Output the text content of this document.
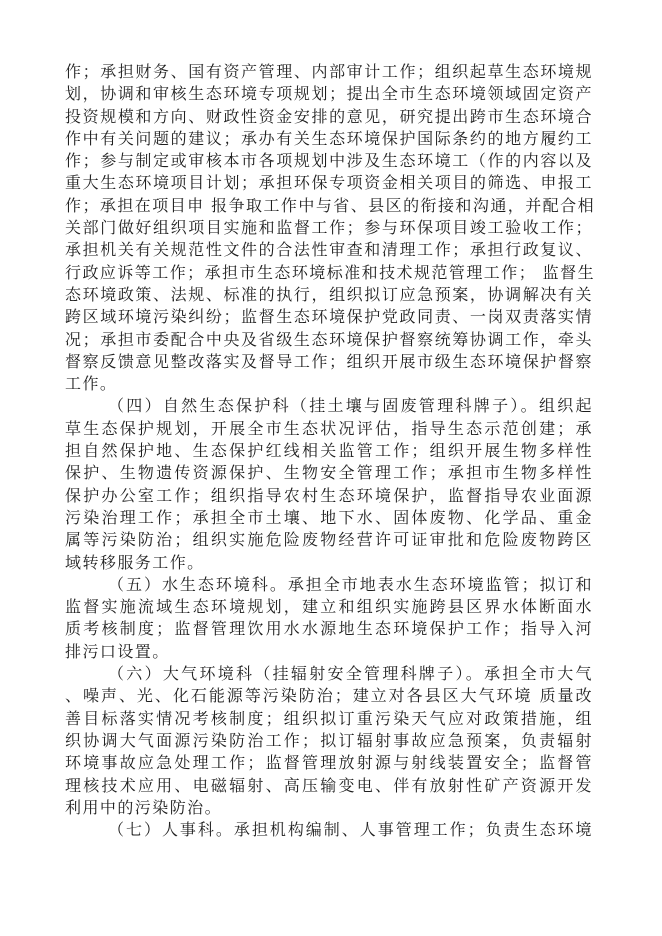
作；承担财务、国有资产管理、内部审计工作；组织起草生态环境规
划，协调和审核生态环境专项规划；提出全市生态环境领域固定资产
投资规模和方向、财政性资金安排的意见，研究提出跨市生态环境合
作中有关问题的建议；承办有关生态环境保护国际条约的地方履约工
作；参与制定或审核本市各项规划中涉及生态环境工（作的内容以及
重大生态环境项目计划；承担环保专项资金相关项目的筛选、申报工
作；承担在项目申 报争取工作中与省、县区的衔接和沟通，并配合相
关部门做好组织项目实施和监督工作；参与环保项目竣工验收工作；
承担机关有关规范性文件的合法性审查和清理工作；承担行政复议、
行政应诉等工作；承担市生态环境标准和技术规范管理工作； 监督生
态环境政策、法规、标准的执行，组织拟订应急预案，协调解决有关
跨区域环境污染纠纷；监督生态环境保护党政同责、一岗双责落实情
况；承担市委配合中央及省级生态环境保护督察统筹协调工作，牵头
督察反馈意见整改落实及督导工作；组织开展市级生态环境保护督察
工作。
（四）自然生态保护科（挂土壤与固废管理科牌子）。组织起
草生态保护规划，开展全市生态状况评估，指导生态示范创建；承
担自然保护地、生态保护红线相关监管工作；组织开展生物多样性
保护、生物遗传资源保护、生物安全管理工作；承担市生物多样性
保护办公室工作；组织指导农村生态环境保护，监督指导农业面源
污染治理工作；承担全市土壤、地下水、固体废物、化学品、重金
属等污染防治；组织实施危险废物经营许可证审批和危险废物跨区
域转移服务工作。
（五）水生态环境科。承担全市地表水生态环境监管；拟订和
监督实施流域生态环境规划，建立和组织实施跨县区界水体断面水
质考核制度；监督管理饮用水水源地生态环境保护工作；指导入河
排污口设置。
（六）大气环境科（挂辐射安全管理科牌子）。承担全市大气
、噪声、光、化石能源等污染防治；建立对各县区大气环境 质量改
善目标落实情况考核制度；组织拟订重污染天气应对政策措施，组
织协调大气面源污染防治工作；拟订辐射事故应急预案，负责辐射
环境事故应急处理工作；监督管理放射源与射线装置安全；监督管
理核技术应用、电磁辐射、高压输变电、伴有放射性矿产资源开发
利用中的污染防治。
（七）人事科。承担机构编制、人事管理工作；负责生态环境
